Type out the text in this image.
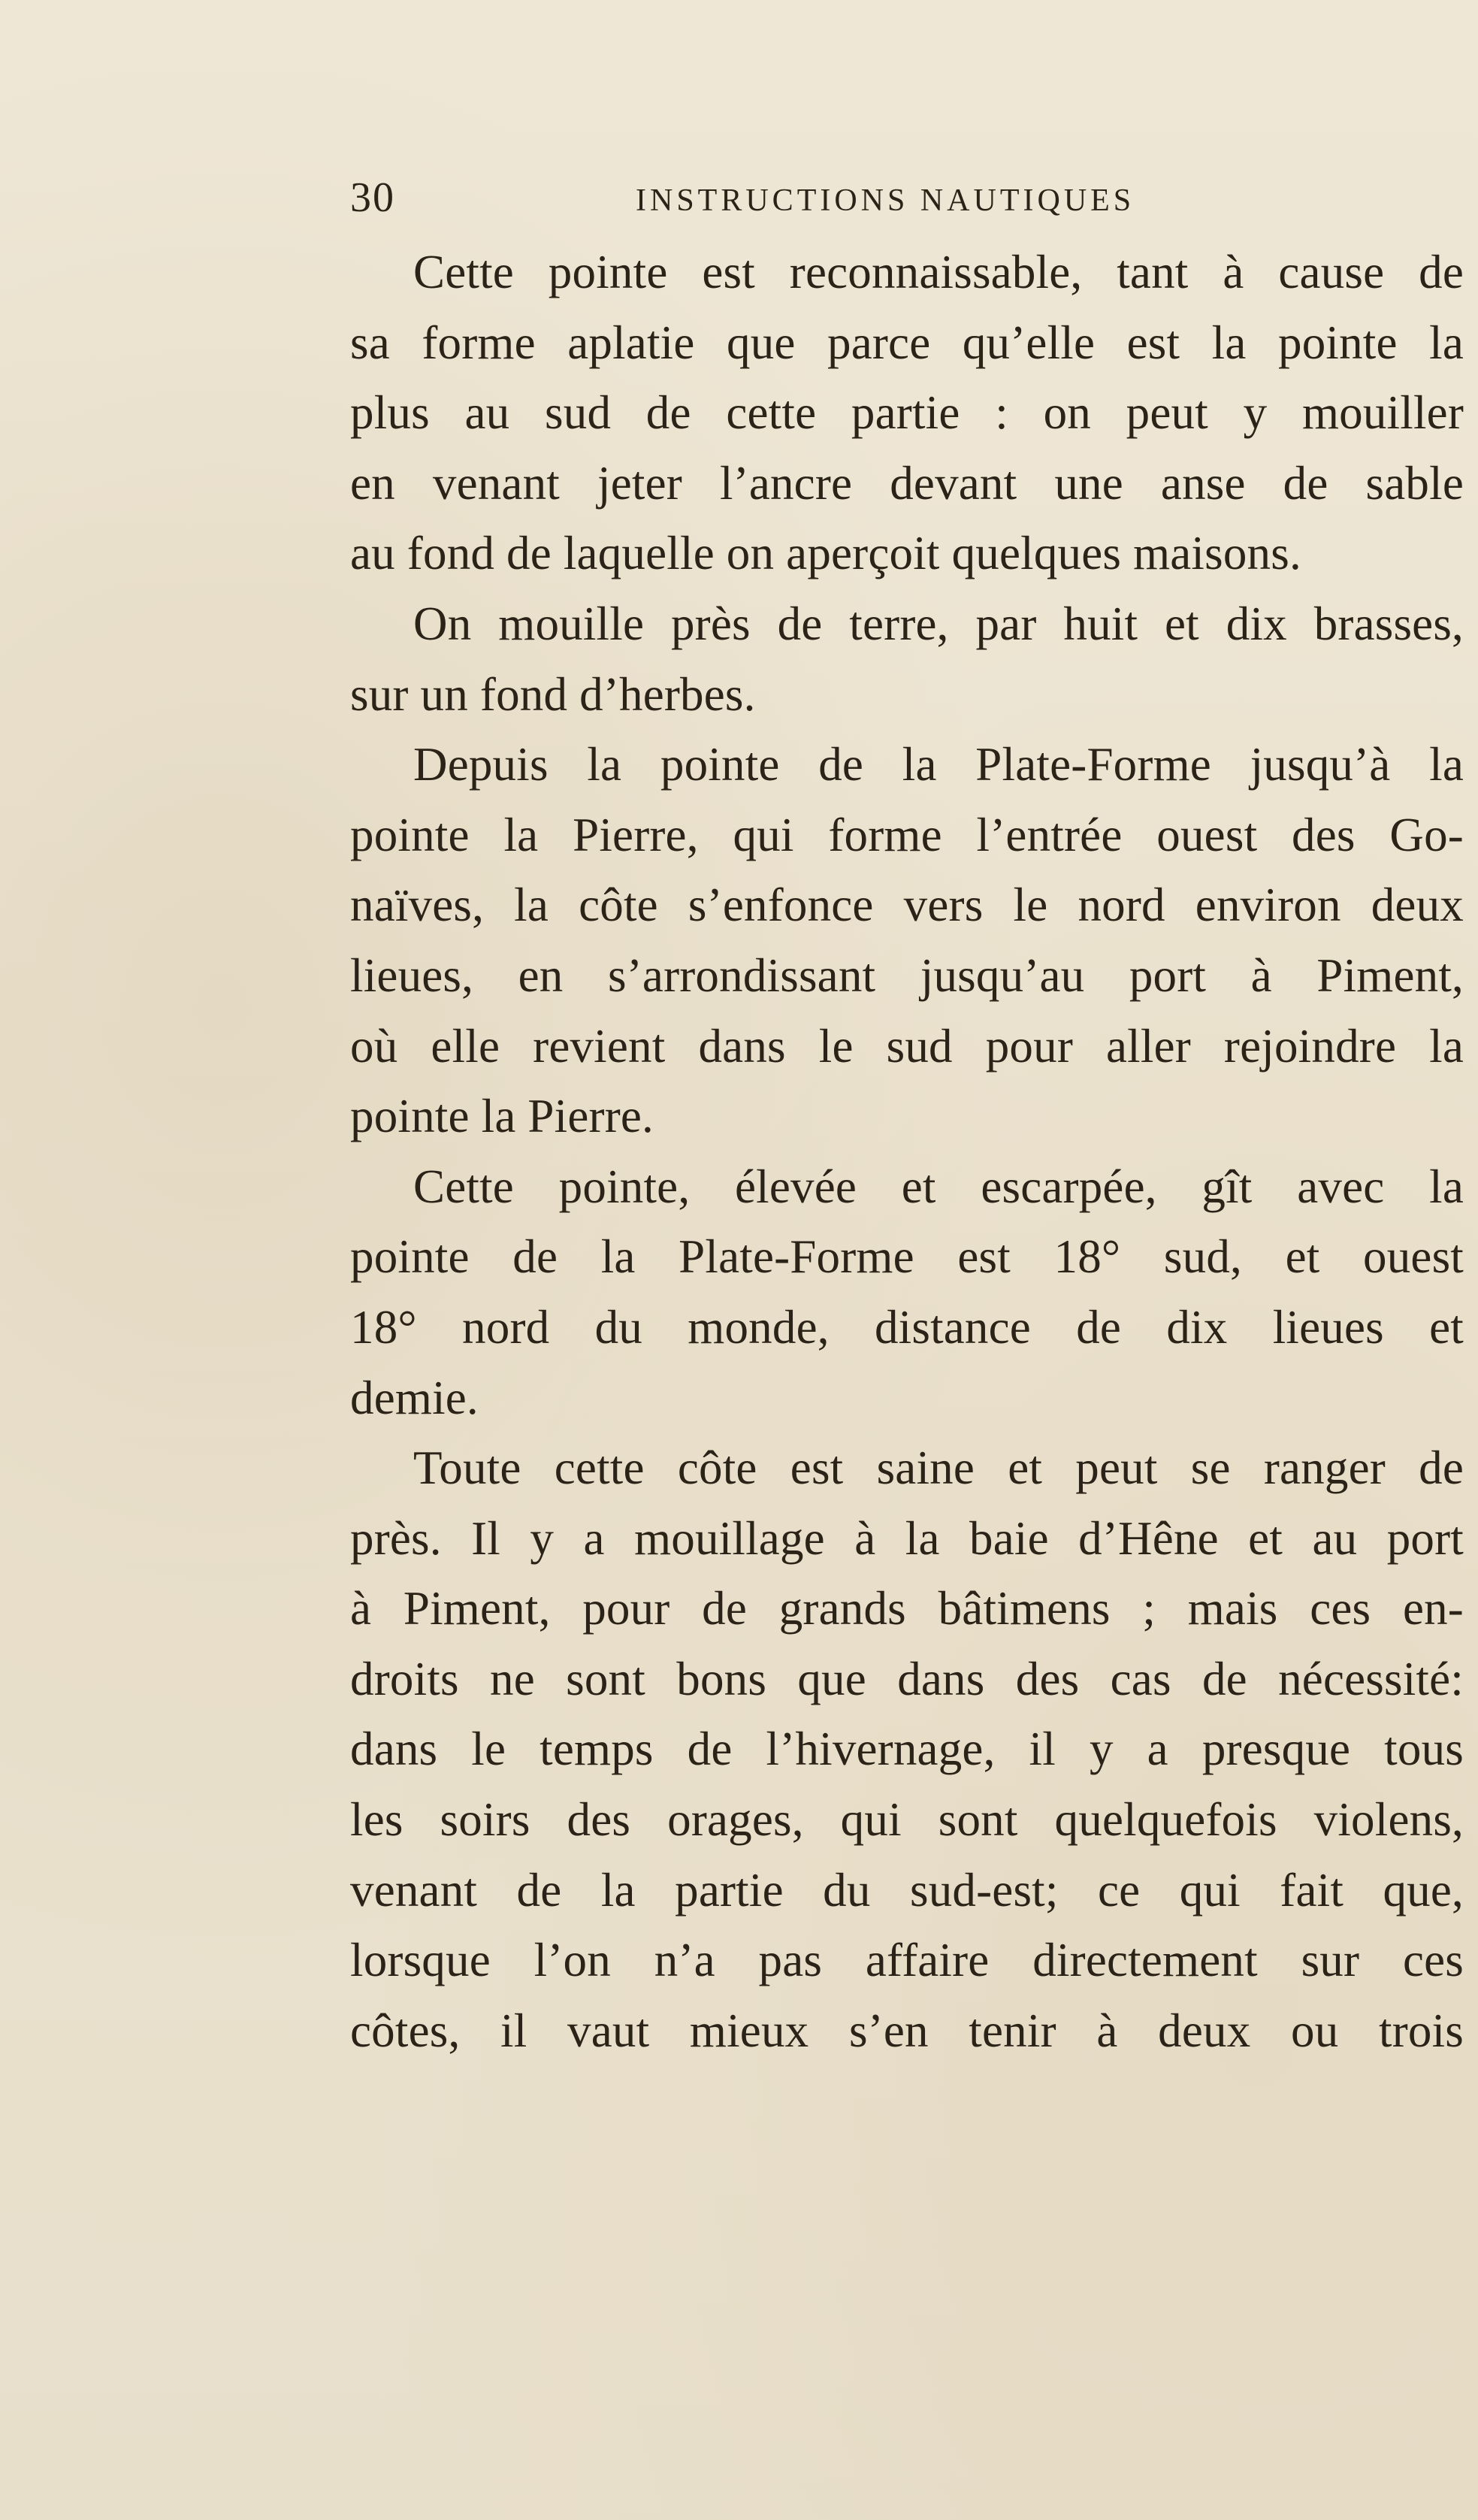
30	INSTRUCTIONS NAUTIQUES
Cette pointe est reconnaissable, tant à cause de
sa forme aplatie que parce qu’elle est la pointe la
plus au sud de cette partie : on peut y mouiller
en venant jeter l’ancre devant une anse de sable
au fond de laquelle on aperçoit quelques maisons.
On mouille près de terre, par huit et dix brasses,
sur un fond d’herbes.
Depuis la pointe de la Plate-Forme jusqu’à la
pointe la Pierre, qui forme l’entrée ouest des Go-
naïves, la côte s’enfonce vers le nord environ deux
lieues, en s’arrondissant jusqu’au port à Piment,
où elle revient dans le sud pour aller rejoindre la
pointe la Pierre.
Cette pointe, élevée et escarpée, gît avec la
pointe de la Plate-Forme est 18° sud, et ouest
18° nord du monde, distance de dix lieues et
demie.
Toute cette côte est saine et peut se ranger de
près. Il y a mouillage à la baie d’Hêne et au port
à Piment, pour de grands bâtimens ; mais ces en-
droits ne sont bons que dans des cas de nécessité:
dans le temps de l’hivernage, il y a presque tous
les soirs des orages, qui sont quelquefois violens,
venant de la partie du sud-est; ce qui fait que,
lorsque l’on n’a pas affaire directement sur ces
côtes, il vaut mieux s’en tenir à deux ou trois
